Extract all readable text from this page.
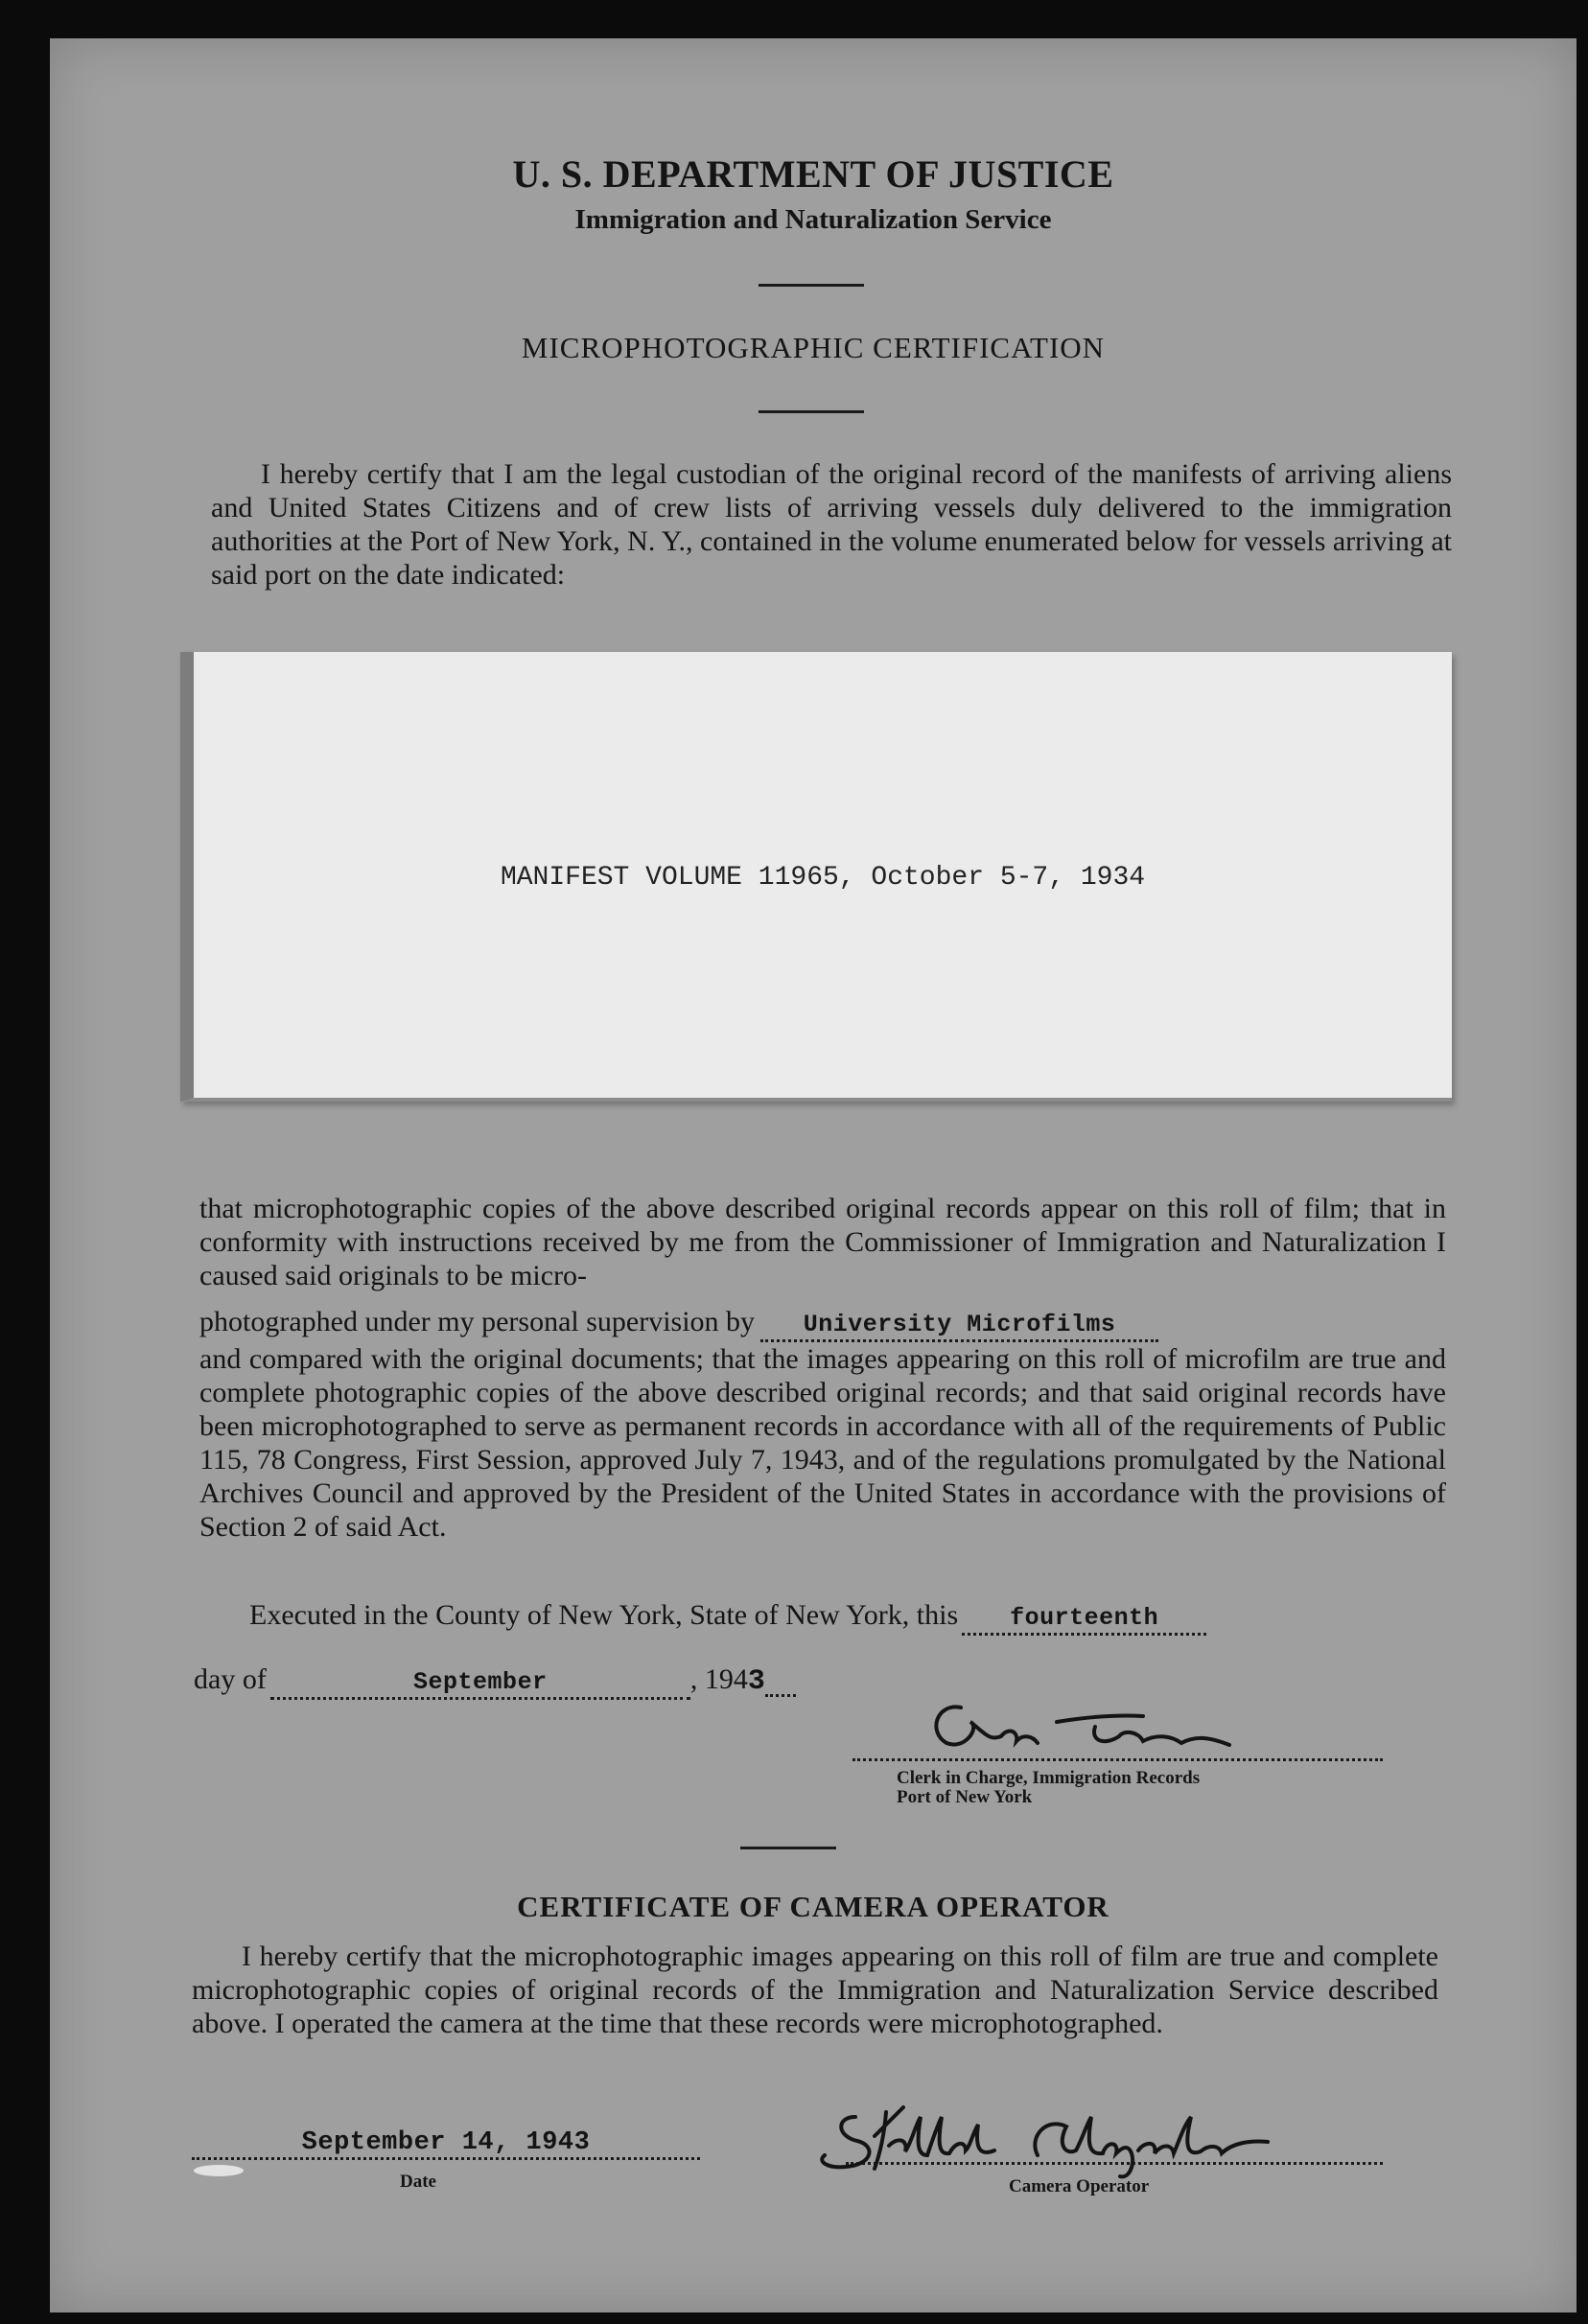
U. S. DEPARTMENT OF JUSTICE
Immigration and Naturalization Service
MICROPHOTOGRAPHIC CERTIFICATION

I hereby certify that I am the legal custodian of the original record of the manifests of arriving aliens and United States Citizens and of crew lists of arriving vessels duly delivered to the immigration authorities at the Port of New York, N. Y., contained in the volume enumerated below for vessels arriving at said port on the date indicated:

MANIFEST VOLUME 11965, October 5-7, 1934

that microphotographic copies of the above described original records appear on this roll of film; that in conformity with instructions received by me from the Commissioner of Immigration and Naturalization I caused said originals to be micro-

photographed under my personal supervision by University Microfilms

and compared with the original documents; that the images appearing on this roll of microfilm are true and complete photographic copies of the above described original records; and that said original records have been microphotographed to serve as permanent records in accordance with all of the requirements of Public 115, 78 Congress, First Session, approved July 7, 1943, and of the regulations promulgated by the National Archives Council and approved by the President of the United States in accordance with the provisions of Section 2 of said Act.

Executed in the County of New York, State of New York, this fourteenth
day of	September	, 1943
Clerk in Charge, Immigration Records
Port of New York
CERTIFICATE OF CAMERA OPERATOR

I hereby certify that the microphotographic images appearing on this roll of film are true and complete microphotographic copies of original records of the Immigration and Naturalization Service described above. I operated the camera at the time that these records were microphotographed.

September 14, 1943
Date	Camera Operator
